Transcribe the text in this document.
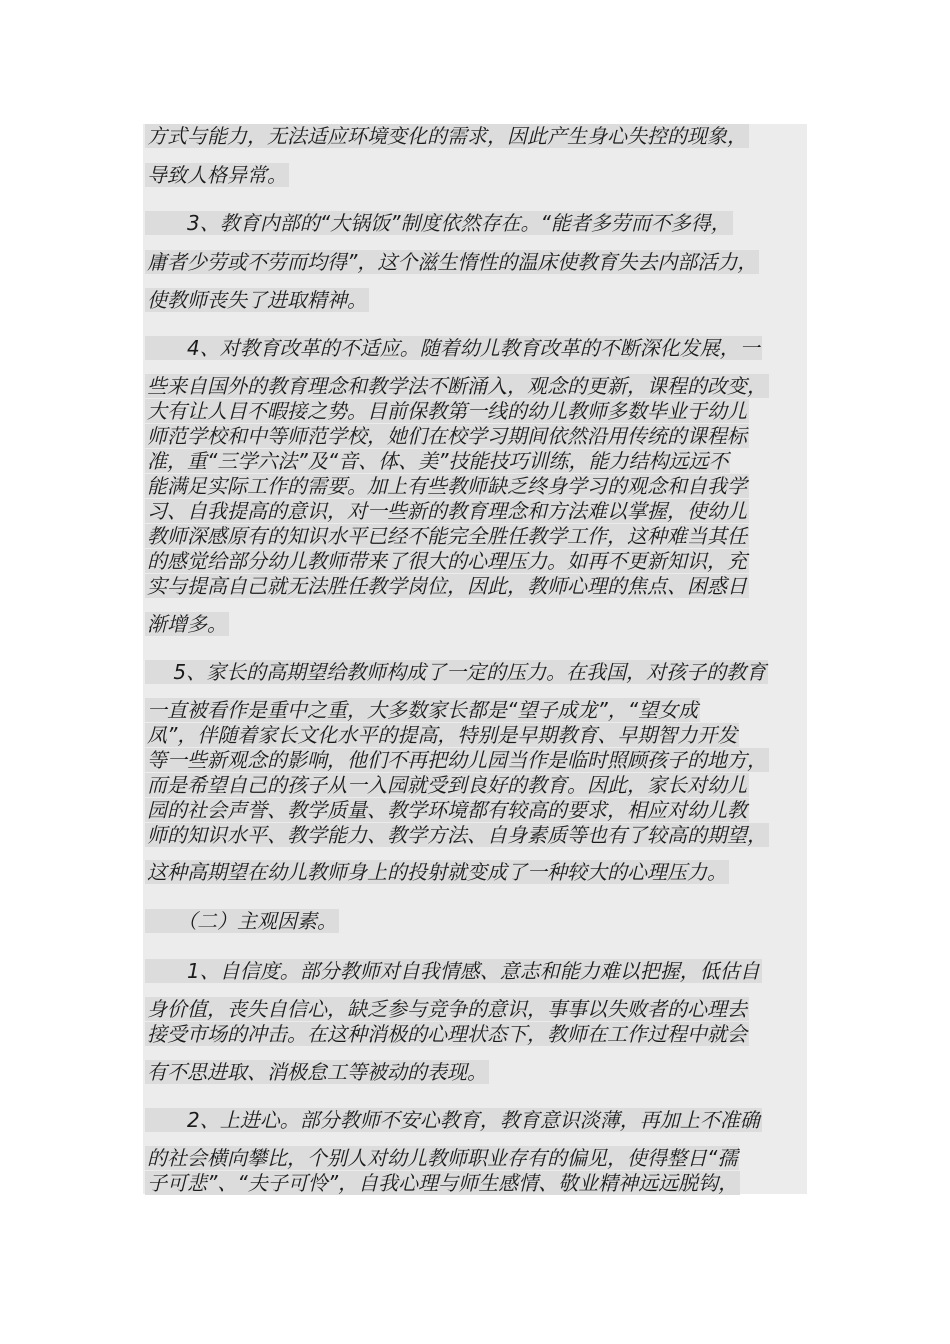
方式与能力，无法适应环境变化的需求，因此产生身心失控的现象，
导致人格异常。
　　3、教育内部的“大锅饭”制度依然存在。“能者多劳而不多得，
庸者少劳或不劳而均得”，这个滋生惰性的温床使教育失去内部活力，
使教师丧失了进取精神。
　　4、对教育改革的不适应。随着幼儿教育改革的不断深化发展，一
些来自国外的教育理念和教学法不断涌入，观念的更新，课程的改变，
大有让人目不暇接之势。目前保教第一线的幼儿教师多数毕业于幼儿
师范学校和中等师范学校，她们在校学习期间依然沿用传统的课程标
准，重“三学六法”及“音、体、美”技能技巧训练，能力结构远远不
能满足实际工作的需要。加上有些教师缺乏终身学习的观念和自我学
习、自我提高的意识，对一些新的教育理念和方法难以掌握，使幼儿
教师深感原有的知识水平已经不能完全胜任教学工作，这种难当其任
的感觉给部分幼儿教师带来了很大的心理压力。如再不更新知识，充
实与提高自己就无法胜任教学岗位，因此，教师心理的焦点、困惑日
渐增多。
　 5、家长的高期望给教师构成了一定的压力。在我国，对孩子的教育
一直被看作是重中之重，大多数家长都是“望子成龙”，“望女成
凤”，伴随着家长文化水平的提高，特别是早期教育、早期智力开发
等一些新观念的影响，他们不再把幼儿园当作是临时照顾孩子的地方，
而是希望自己的孩子从一入园就受到良好的教育。因此，家长对幼儿
园的社会声誉、教学质量、教学环境都有较高的要求，相应对幼儿教
师的知识水平、教学能力、教学方法、自身素质等也有了较高的期望，
这种高期望在幼儿教师身上的投射就变成了一种较大的心理压力。
　　（二）主观因素。
　　1、自信度。部分教师对自我情感、意志和能力难以把握，低估自
身价值，丧失自信心，缺乏参与竞争的意识，事事以失败者的心理去
接受市场的冲击。在这种消极的心理状态下，教师在工作过程中就会
有不思进取、消极怠工等被动的表现。
　　2、上进心。部分教师不安心教育，教育意识淡薄，再加上不准确
的社会横向攀比，个别人对幼儿教师职业存有的偏见，使得整日“孺
子可悲”、“夫子可怜”，自我心理与师生感情、敬业精神远远脱钩，
